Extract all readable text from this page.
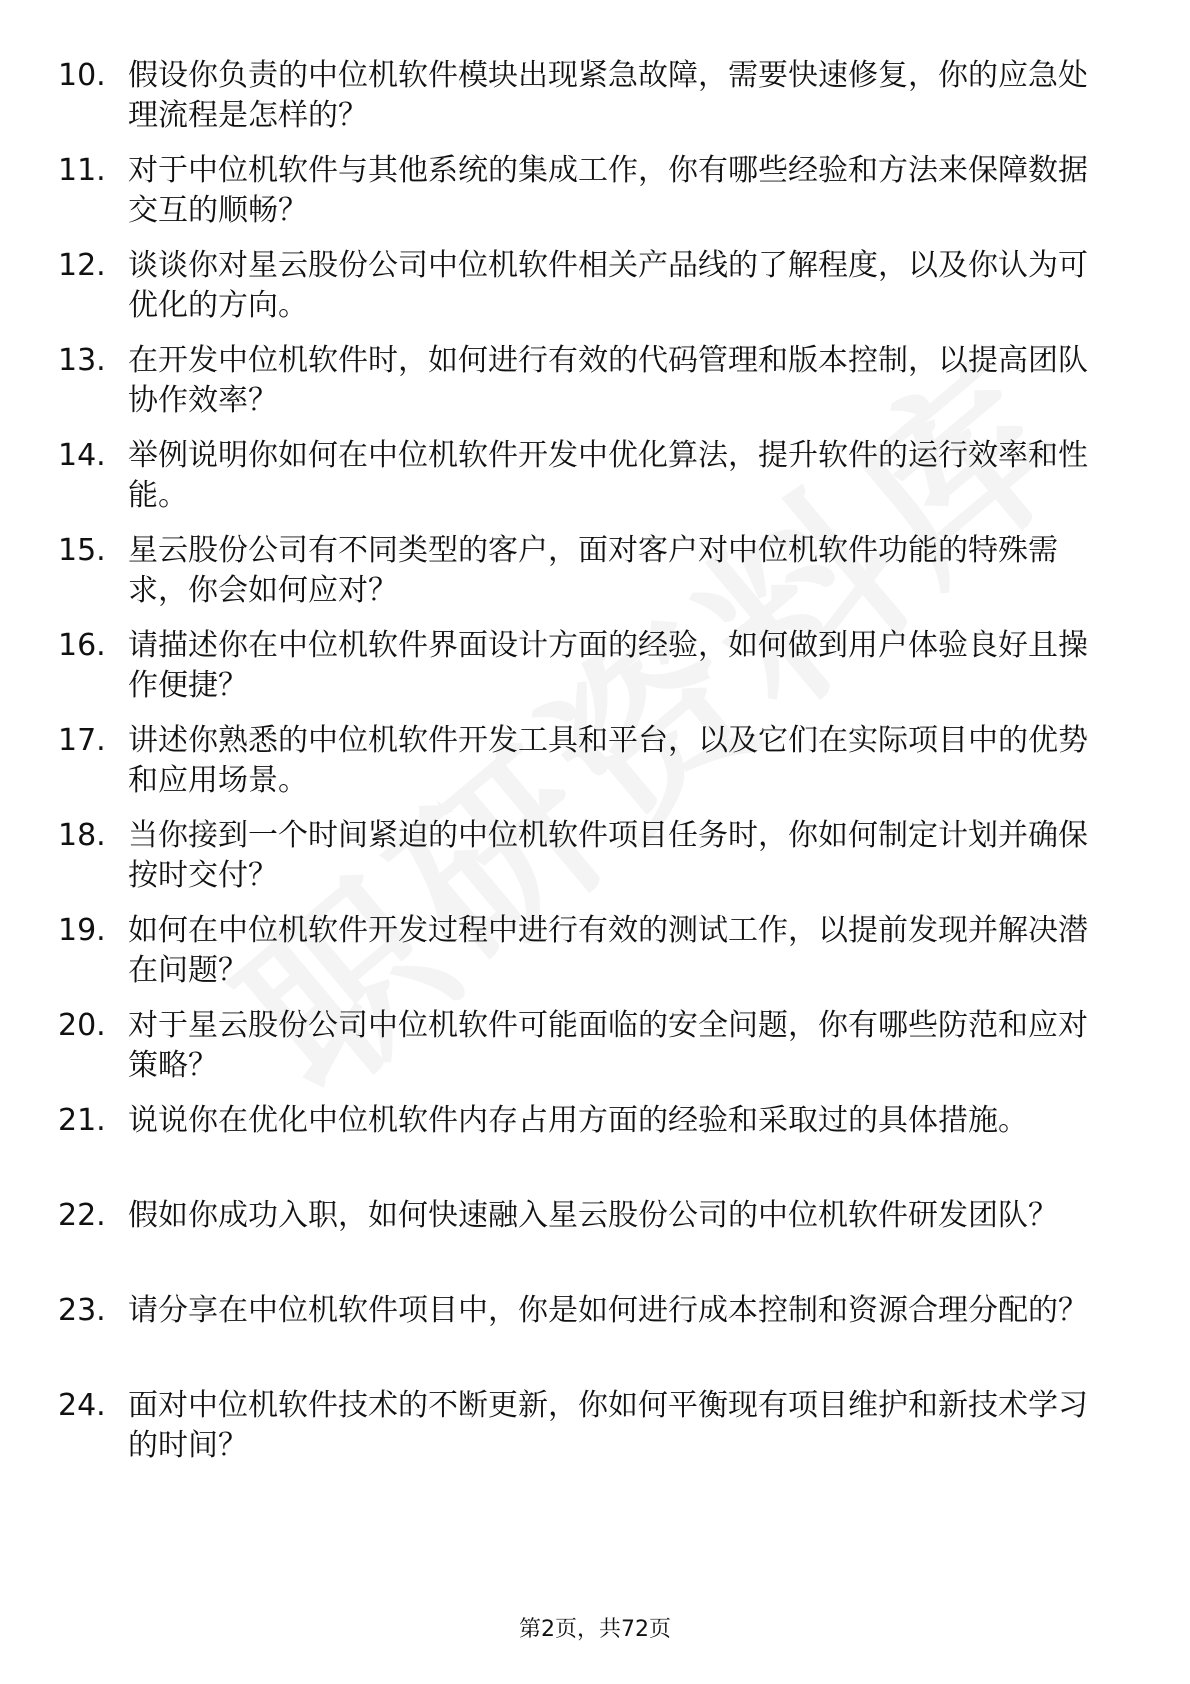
10. 假设你负责的中位机软件模块出现紧急故障，需要快速修复，你的应急处理流程是怎样的？
11. 对于中位机软件与其他系统的集成工作，你有哪些经验和方法来保障数据交互的顺畅？
12. 谈谈你对星云股份公司中位机软件相关产品线的了解程度，以及你认为可优化的方向。
13. 在开发中位机软件时，如何进行有效的代码管理和版本控制，以提高团队协作效率？
14. 举例说明你如何在中位机软件开发中优化算法，提升软件的运行效率和性能。
15. 星云股份公司有不同类型的客户，面对客户对中位机软件功能的特殊需求，你会如何应对？
16. 请描述你在中位机软件界面设计方面的经验，如何做到用户体验良好且操作便捷？
17. 讲述你熟悉的中位机软件开发工具和平台，以及它们在实际项目中的优势和应用场景。
18. 当你接到一个时间紧迫的中位机软件项目任务时，你如何制定计划并确保按时交付？
19. 如何在中位机软件开发过程中进行有效的测试工作，以提前发现并解决潜在问题？
20. 对于星云股份公司中位机软件可能面临的安全问题，你有哪些防范和应对策略？
21. 说说你在优化中位机软件内存占用方面的经验和采取过的具体措施。
22. 假如你成功入职，如何快速融入星云股份公司的中位机软件研发团队？
23. 请分享在中位机软件项目中，你是如何进行成本控制和资源合理分配的？
24. 面对中位机软件技术的不断更新，你如何平衡现有项目维护和新技术学习的时间？
第2页，共72页
